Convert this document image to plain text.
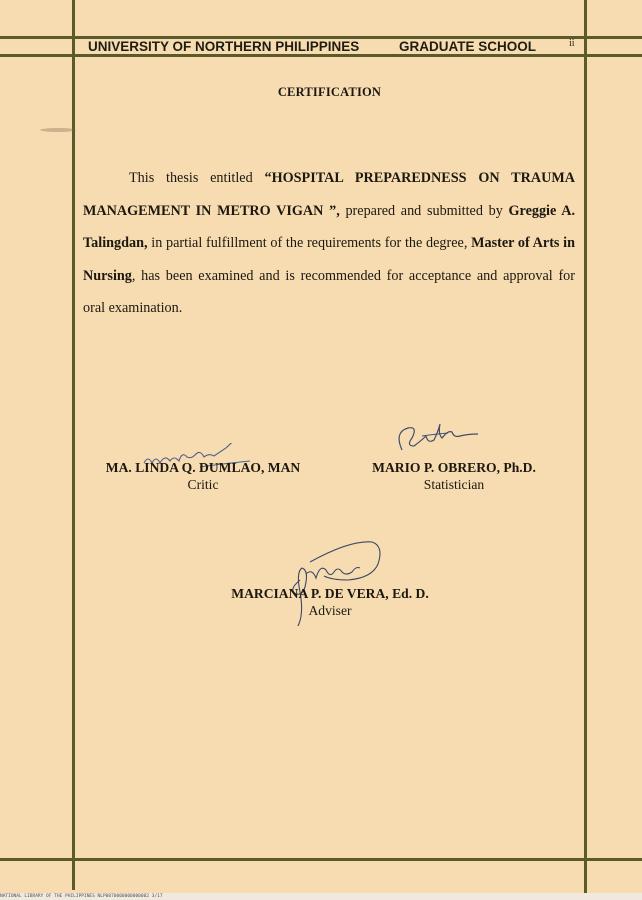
UNIVERSITY OF NORTHERN PHILIPPINES	GRADUATE SCHOOL	ii
CERTIFICATION
This thesis entitled “HOSPITAL PREPAREDNESS ON TRAUMA MANAGEMENT IN METRO VIGAN ”, prepared and submitted by Greggie A. Talingdan, in partial fulfillment of the requirements for the degree, Master of Arts in Nursing, has been examined and is recommended for acceptance and approval for oral examination.
MA. LINDA Q. DUMLAO, MAN
Critic
MARIO P. OBRERO, Ph.D.
Statistician
MARCIANA P. DE VERA, Ed. D.
Adviser
NATIONAL LIBRARY OF THE PHILIPPINES NLP0070000000000002 3/17
